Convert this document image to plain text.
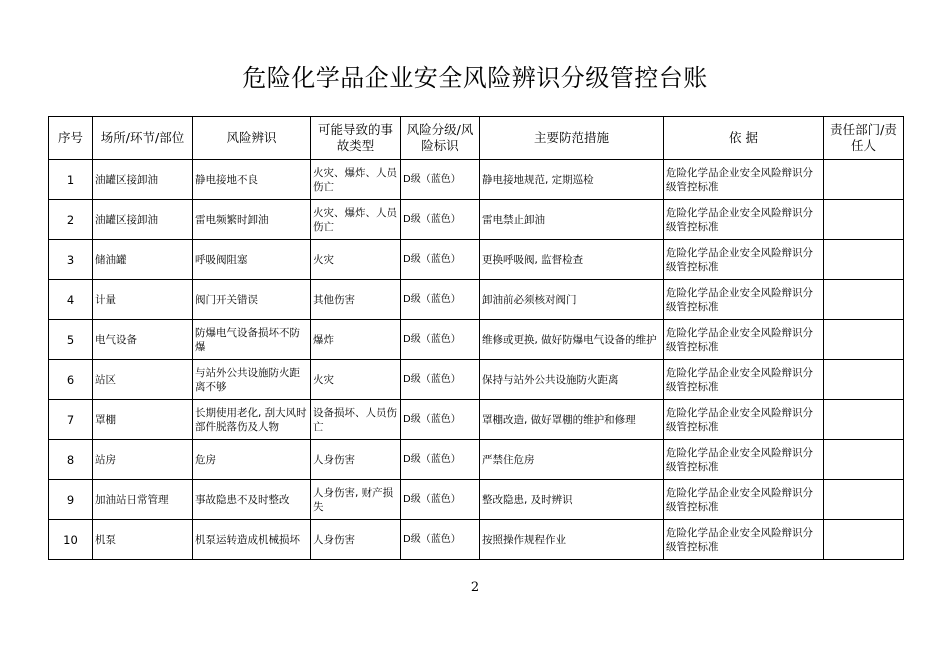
危险化学品企业安全风险辨识分级管控台账
序号	场所/环节/部位	风险辨识	可能导致的事故类型	风险分级/风险标识	主要防范措施	依 据	责任部门/责任人
1	油罐区接卸油	静电接地不良	火灾、爆炸、人员伤亡	D级（蓝色）	静电接地规范, 定期巡检	危险化学品企业安全风险辩识分级管控标准	
2	油罐区接卸油	雷电频繁时卸油	火灾、爆炸、人员伤亡	D级（蓝色）	雷电禁止卸油	危险化学品企业安全风险辩识分级管控标准	
3	储油罐	呼吸阀阻塞	火灾	D级（蓝色）	更换呼吸阀, 监督检查	危险化学品企业安全风险辩识分级管控标准	
4	计量	阀门开关错误	其他伤害	D级（蓝色）	卸油前必须核对阀门	危险化学品企业安全风险辩识分级管控标准	
5	电气设备	防爆电气设备损坏不防爆	爆炸	D级（蓝色）	维修或更换, 做好防爆电气设备的维护	危险化学品企业安全风险辩识分级管控标准	
6	站区	与站外公共设施防火距离不够	火灾	D级（蓝色）	保持与站外公共设施防火距离	危险化学品企业安全风险辩识分级管控标准	
7	罩棚	长期使用老化, 刮大风时部件脱落伤及人物	设备损坏、人员伤亡	D级（蓝色）	罩棚改造, 做好罩棚的维护和修理	危险化学品企业安全风险辩识分级管控标准	
8	站房	危房	人身伤害	D级（蓝色）	严禁住危房	危险化学品企业安全风险辩识分级管控标准	
9	加油站日常管理	事故隐患不及时整改	人身伤害, 财产损失	D级（蓝色）	整改隐患, 及时辨识	危险化学品企业安全风险辩识分级管控标准	
10	机泵	机泵运转造成机械损坏	人身伤害	D级（蓝色）	按照操作规程作业	危险化学品企业安全风险辩识分级管控标准	
2
